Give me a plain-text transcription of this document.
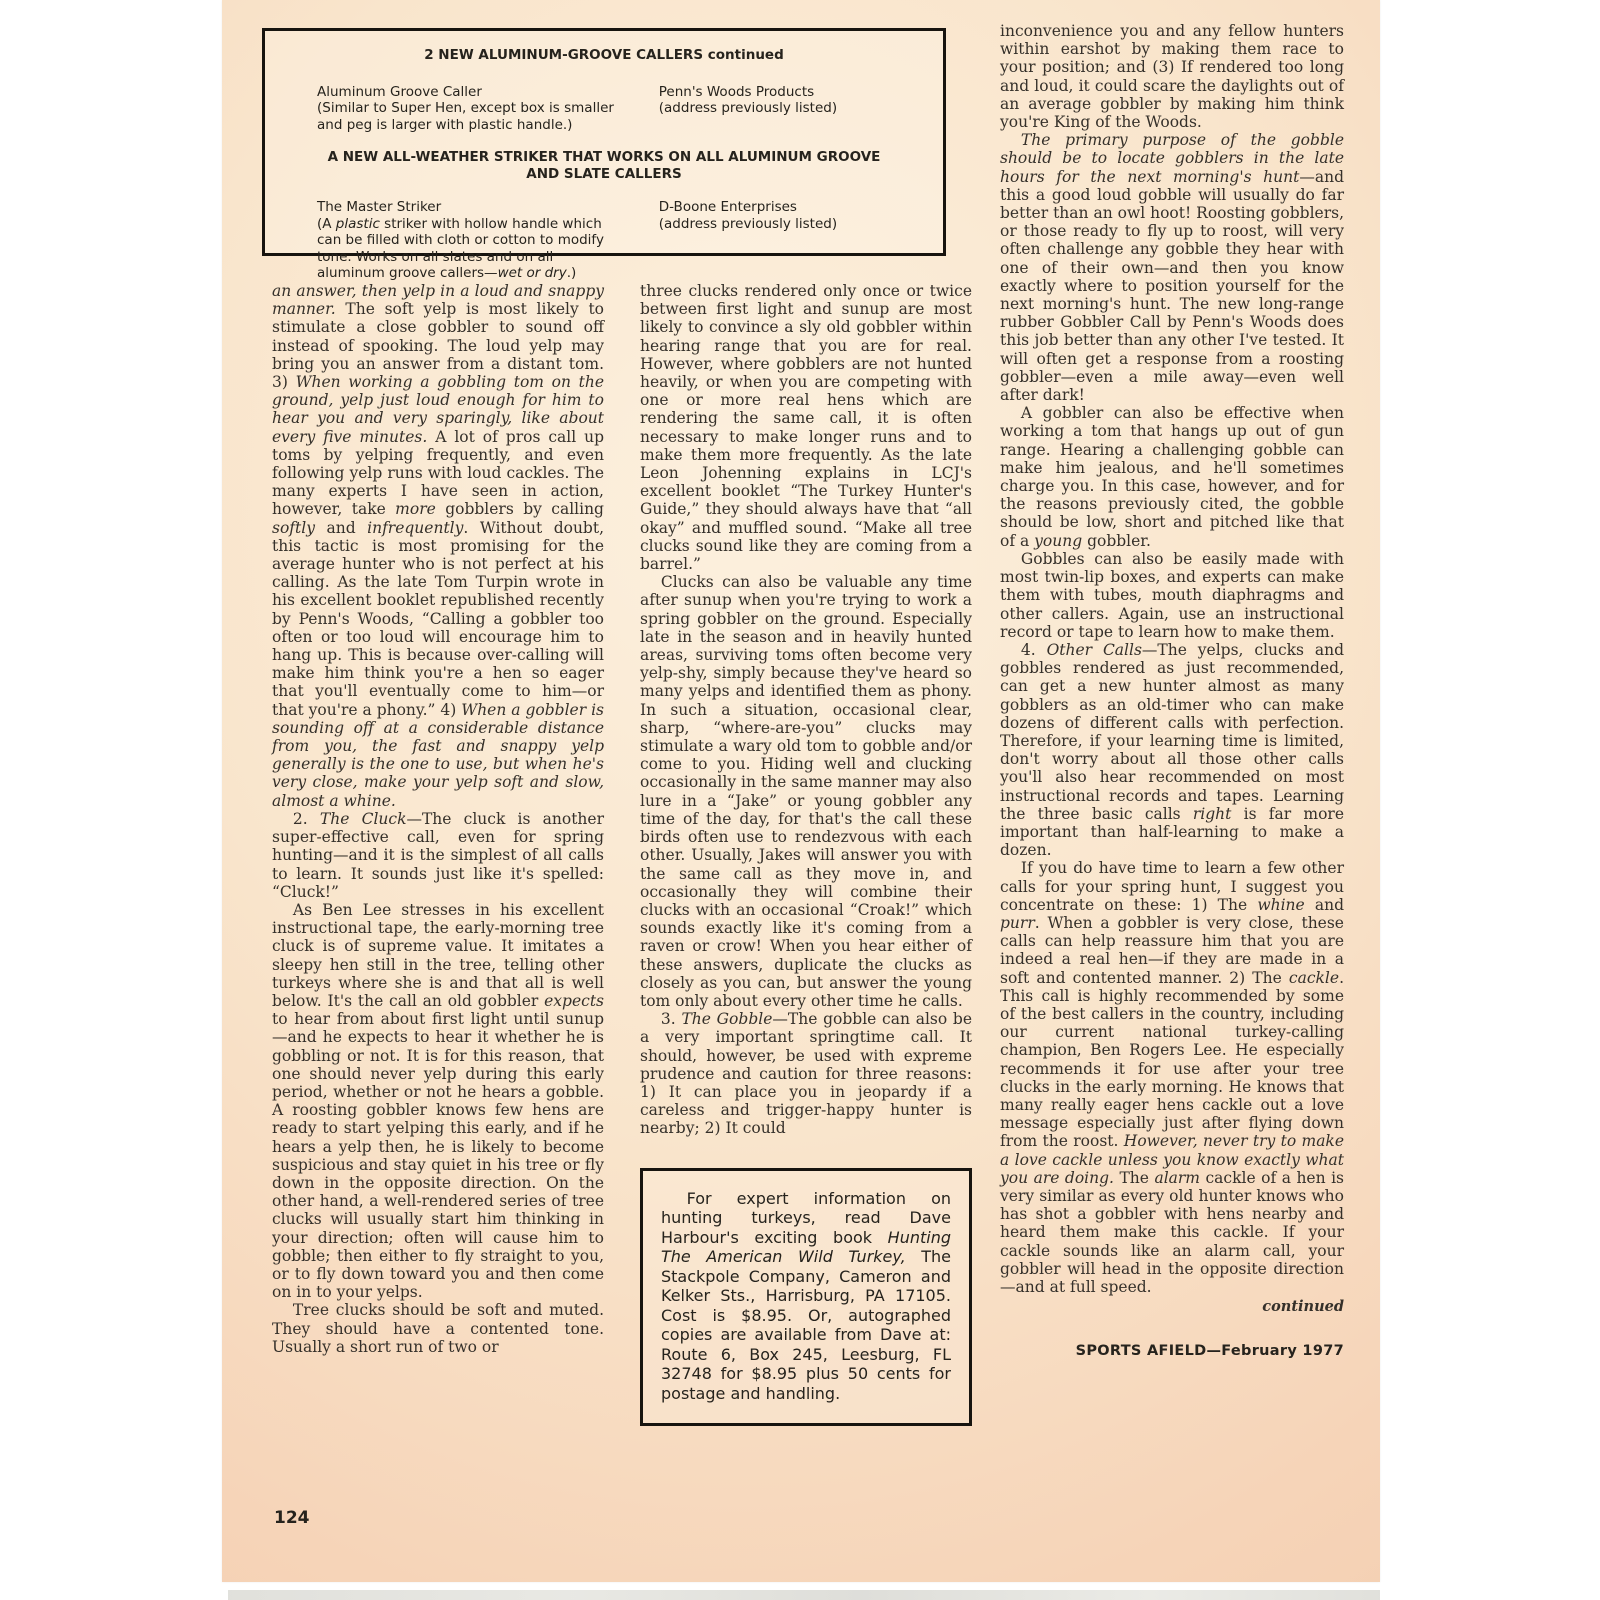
2 NEW ALUMINUM-GROOVE CALLERS continued
Aluminum Groove Caller
(Similar to Super Hen, except box is smaller
and peg is larger with plastic handle.)
Penn's Woods Products
(address previously listed)
A NEW ALL-WEATHER STRIKER THAT WORKS ON ALL ALUMINUM GROOVE AND SLATE CALLERS
The Master Striker
(A plastic striker with hollow handle which
can be filled with cloth or cotton to modify
tone. Works on all slates and on all
aluminum groove callers—wet or dry.)
D-Boone Enterprises
(address previously listed)

an answer, then yelp in a loud and snappy manner. The soft yelp is most likely to stimulate a close gobbler to sound off instead of spooking. The loud yelp may bring you an answer from a distant tom. 3) When working a gobbling tom on the ground, yelp just loud enough for him to hear you and very sparingly, like about every five minutes. A lot of pros call up toms by yelping frequently, and even following yelp runs with loud cackles. The many experts I have seen in action, however, take more gobblers by calling softly and infrequently. Without doubt, this tactic is most promising for the average hunter who is not perfect at his calling. As the late Tom Turpin wrote in his excellent booklet republished recently by Penn's Woods, “Calling a gobbler too often or too loud will encourage him to hang up. This is because over-calling will make him think you're a hen so eager that you'll eventually come to him—or that you're a phony.” 4) When a gobbler is sounding off at a considerable distance from you, the fast and snappy yelp generally is the one to use, but when he's very close, make your yelp soft and slow, almost a whine.

2. The Cluck—The cluck is another super-effective call, even for spring hunting—and it is the simplest of all calls to learn. It sounds just like it's spelled: “Cluck!”

As Ben Lee stresses in his excellent instructional tape, the early-morning tree cluck is of supreme value. It imitates a sleepy hen still in the tree, telling other turkeys where she is and that all is well below. It's the call an old gobbler expects to hear from about first light until sunup—and he expects to hear it whether he is gobbling or not. It is for this reason, that one should never yelp during this early period, whether or not he hears a gobble. A roosting gobbler knows few hens are ready to start yelping this early, and if he hears a yelp then, he is likely to become suspicious and stay quiet in his tree or fly down in the opposite direction. On the other hand, a well-rendered series of tree clucks will usually start him thinking in your direction; often will cause him to gobble; then either to fly straight to you, or to fly down toward you and then come on in to your yelps.

Tree clucks should be soft and muted. They should have a contented tone. Usually a short run of two or

three clucks rendered only once or twice between first light and sunup are most likely to convince a sly old gobbler within hearing range that you are for real. However, where gobblers are not hunted heavily, or when you are competing with one or more real hens which are rendering the same call, it is often necessary to make longer runs and to make them more frequently. As the late Leon Johenning explains in LCJ's excellent booklet “The Turkey Hunter's Guide,” they should always have that “all okay” and muffled sound. “Make all tree clucks sound like they are coming from a barrel.”

Clucks can also be valuable any time after sunup when you're trying to work a spring gobbler on the ground. Especially late in the season and in heavily hunted areas, surviving toms often become very yelp-shy, simply because they've heard so many yelps and identified them as phony. In such a situation, occasional clear, sharp, “where-are-you” clucks may stimulate a wary old tom to gobble and/or come to you. Hiding well and clucking occasionally in the same manner may also lure in a “Jake” or young gobbler any time of the day, for that's the call these birds often use to rendezvous with each other. Usually, Jakes will answer you with the same call as they move in, and occasionally they will combine their clucks with an occasional “Croak!” which sounds exactly like it's coming from a raven or crow! When you hear either of these answers, duplicate the clucks as closely as you can, but answer the young tom only about every other time he calls.

3. The Gobble—The gobble can also be a very important springtime call. It should, however, be used with expreme prudence and caution for three reasons: 1) It can place you in jeopardy if a careless and trigger-happy hunter is nearby; 2) It could

For expert information on hunting turkeys, read Dave Harbour's exciting book Hunting The American Wild Turkey, The Stackpole Company, Cameron and Kelker Sts., Harrisburg, PA 17105. Cost is $8.95. Or, autographed copies are available from Dave at: Route 6, Box 245, Leesburg, FL 32748 for $8.95 plus 50 cents for postage and handling.

inconvenience you and any fellow hunters within earshot by making them race to your position; and (3) If rendered too long and loud, it could scare the daylights out of an average gobbler by making him think you're King of the Woods.

The primary purpose of the gobble should be to locate gobblers in the late hours for the next morning's hunt—and this a good loud gobble will usually do far better than an owl hoot! Roosting gobblers, or those ready to fly up to roost, will very often challenge any gobble they hear with one of their own—and then you know exactly where to position yourself for the next morning's hunt. The new long-range rubber Gobbler Call by Penn's Woods does this job better than any other I've tested. It will often get a response from a roosting gobbler—even a mile away—even well after dark!

A gobbler can also be effective when working a tom that hangs up out of gun range. Hearing a challenging gobble can make him jealous, and he'll sometimes charge you. In this case, however, and for the reasons previously cited, the gobble should be low, short and pitched like that of a young gobbler.

Gobbles can also be easily made with most twin-lip boxes, and experts can make them with tubes, mouth diaphragms and other callers. Again, use an instructional record or tape to learn how to make them.

4. Other Calls—The yelps, clucks and gobbles rendered as just recommended, can get a new hunter almost as many gobblers as an old-timer who can make dozens of different calls with perfection. Therefore, if your learning time is limited, don't worry about all those other calls you'll also hear recommended on most instructional records and tapes. Learning the three basic calls right is far more important than half-learning to make a dozen.

If you do have time to learn a few other calls for your spring hunt, I suggest you concentrate on these: 1) The whine and purr. When a gobbler is very close, these calls can help reassure him that you are indeed a real hen—if they are made in a soft and contented manner. 2) The cackle. This call is highly recommended by some of the best callers in the country, including our current national turkey-calling champion, Ben Rogers Lee. He especially recommends it for use after your tree clucks in the early morning. He knows that many really eager hens cackle out a love message especially just after flying down from the roost. However, never try to make a love cackle unless you know exactly what you are doing. The alarm cackle of a hen is very similar as every old hunter knows who has shot a gobbler with hens nearby and heard them make this cackle. If your cackle sounds like an alarm call, your gobbler will head in the opposite direction—and at full speed.

continued
SPORTS AFIELD—February 1977
124
